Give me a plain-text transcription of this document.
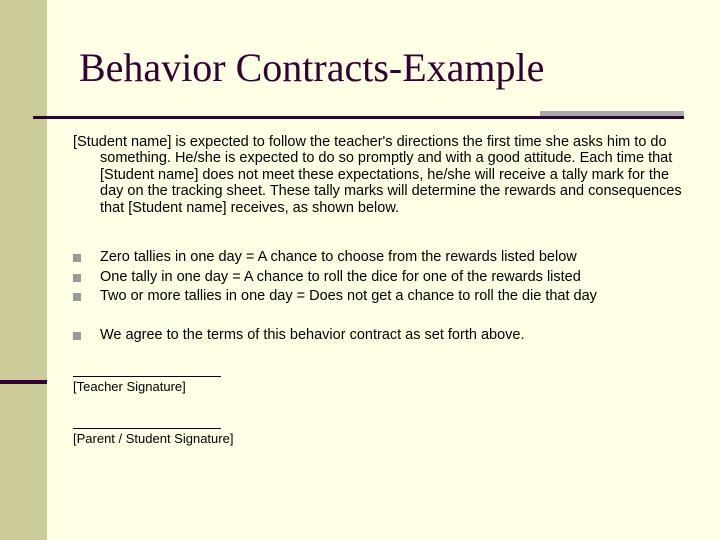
Behavior Contracts-Example

[Student name] is expected to follow the teacher's directions the first time she asks him to do something. He/she is expected to do so promptly and with a good attitude. Each time that [Student name] does not meet these expectations, he/she will receive a tally mark for the day on the tracking sheet. These tally marks will determine the rewards and consequences that [Student name] receives, as shown below.

Zero tallies in one day = A chance to choose from the rewards listed below
One tally in one day = A chance to roll the dice for one of the rewards listed
Two or more tallies in one day = Does not get a chance to roll the die that day
We agree to the terms of this behavior contract as set forth above.
[Teacher Signature]
[Parent / Student Signature]
